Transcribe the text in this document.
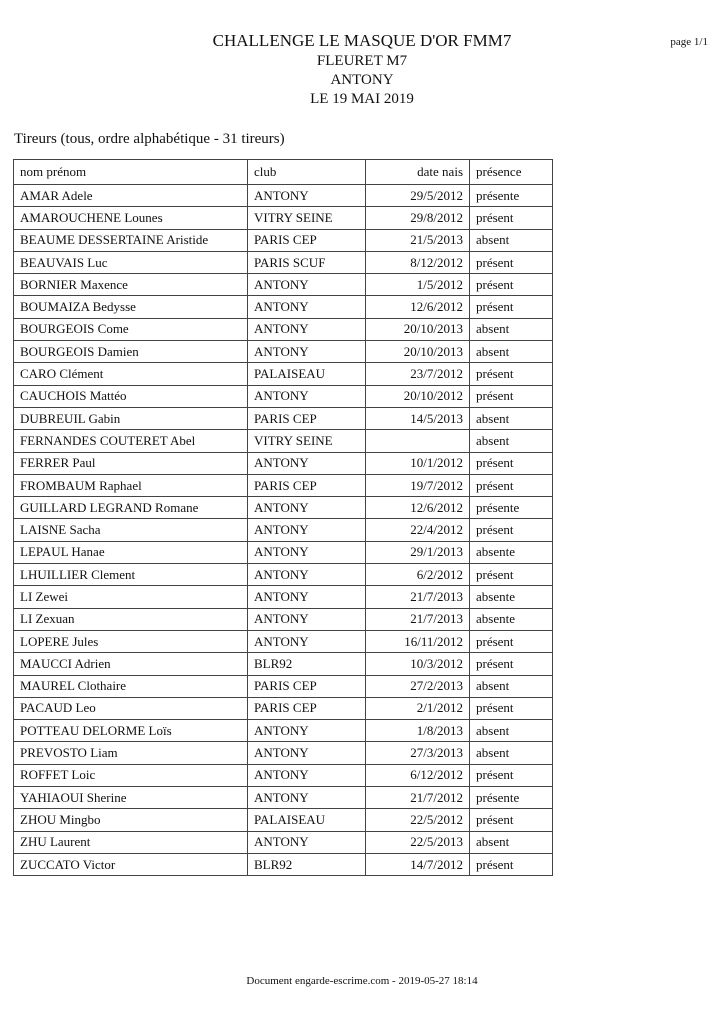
page 1/1
CHALLENGE LE MASQUE D'OR FMM7
FLEURET M7
ANTONY
LE 19 MAI 2019
Tireurs (tous, ordre alphabétique - 31 tireurs)
nom prénom	club	date nais	présence
AMAR Adele	ANTONY	29/5/2012	présente
AMAROUCHENE Lounes	VITRY SEINE	29/8/2012	présent
BEAUME DESSERTAINE Aristide	PARIS CEP	21/5/2013	absent
BEAUVAIS Luc	PARIS SCUF	8/12/2012	présent
BORNIER Maxence	ANTONY	1/5/2012	présent
BOUMAIZA Bedysse	ANTONY	12/6/2012	présent
BOURGEOIS Come	ANTONY	20/10/2013	absent
BOURGEOIS Damien	ANTONY	20/10/2013	absent
CARO Clément	PALAISEAU	23/7/2012	présent
CAUCHOIS Mattéo	ANTONY	20/10/2012	présent
DUBREUIL Gabin	PARIS CEP	14/5/2013	absent
FERNANDES COUTERET Abel	VITRY SEINE		absent
FERRER Paul	ANTONY	10/1/2012	présent
FROMBAUM Raphael	PARIS CEP	19/7/2012	présent
GUILLARD LEGRAND Romane	ANTONY	12/6/2012	présente
LAISNE Sacha	ANTONY	22/4/2012	présent
LEPAUL Hanae	ANTONY	29/1/2013	absente
LHUILLIER Clement	ANTONY	6/2/2012	présent
LI Zewei	ANTONY	21/7/2013	absente
LI Zexuan	ANTONY	21/7/2013	absente
LOPERE Jules	ANTONY	16/11/2012	présent
MAUCCI Adrien	BLR92	10/3/2012	présent
MAUREL Clothaire	PARIS CEP	27/2/2013	absent
PACAUD Leo	PARIS CEP	2/1/2012	présent
POTTEAU DELORME Loïs	ANTONY	1/8/2013	absent
PREVOSTO Liam	ANTONY	27/3/2013	absent
ROFFET Loic	ANTONY	6/12/2012	présent
YAHIAOUI Sherine	ANTONY	21/7/2012	présente
ZHOU Mingbo	PALAISEAU	22/5/2012	présent
ZHU Laurent	ANTONY	22/5/2013	absent
ZUCCATO Victor	BLR92	14/7/2012	présent
Document engarde-escrime.com - 2019-05-27 18:14
